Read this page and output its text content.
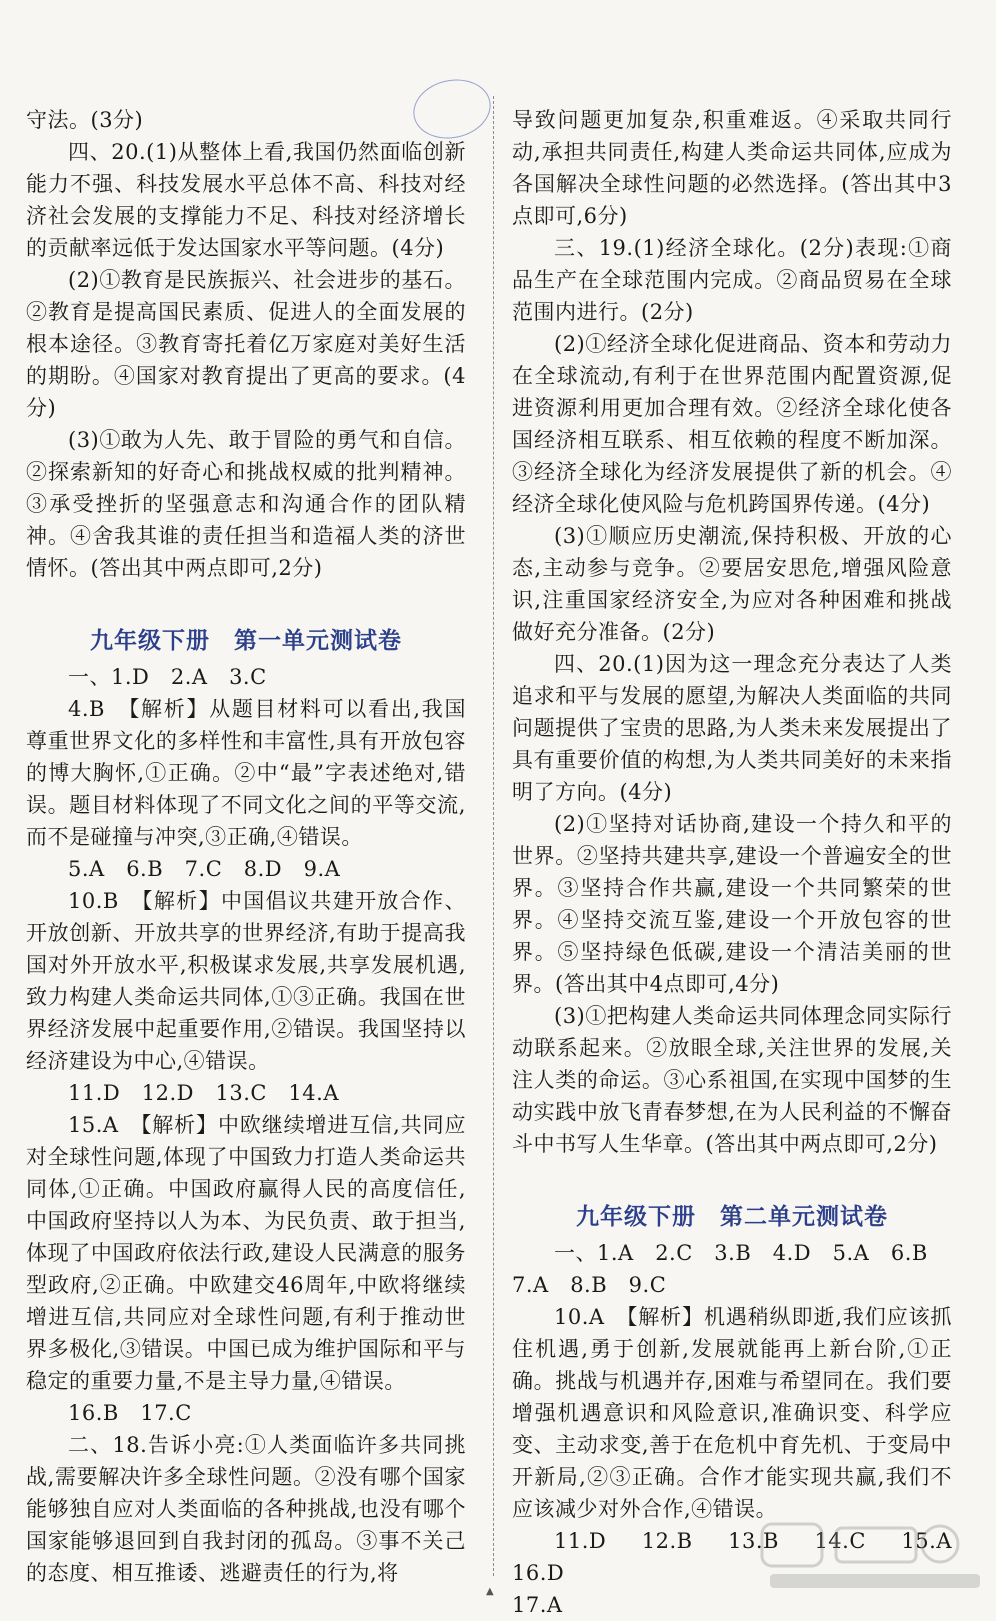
守法。(3分)

四、20.(1)从整体上看,我国仍然面临创新能力不强、科技发展水平总体不高、科技对经济社会发展的支撑能力不足、科技对经济增长的贡献率远低于发达国家水平等问题。(4分)

(2)①教育是民族振兴、社会进步的基石。②教育是提高国民素质、促进人的全面发展的根本途径。③教育寄托着亿万家庭对美好生活的期盼。④国家对教育提出了更高的要求。(4分)

(3)①敢为人先、敢于冒险的勇气和自信。②探索新知的好奇心和挑战权威的批判精神。③承受挫折的坚强意志和沟通合作的团队精神。④舍我其谁的责任担当和造福人类的济世情怀。(答出其中两点即可,2分)

九年级下册　第一单元测试卷

一、1.D　2.A　3.C

4.B　【解析】从题目材料可以看出,我国尊重世界文化的多样性和丰富性,具有开放包容的博大胸怀,①正确。②中“最”字表述绝对,错误。题目材料体现了不同文化之间的平等交流,而不是碰撞与冲突,③正确,④错误。

5.A　6.B　7.C　8.D　9.A

10.B　【解析】中国倡议共建开放合作、开放创新、开放共享的世界经济,有助于提高我国对外开放水平,积极谋求发展,共享发展机遇,致力构建人类命运共同体,①③正确。我国在世界经济发展中起重要作用,②错误。我国坚持以经济建设为中心,④错误。

11.D　12.D　13.C　14.A

15.A　【解析】中欧继续增进互信,共同应对全球性问题,体现了中国致力打造人类命运共同体,①正确。中国政府赢得人民的高度信任,中国政府坚持以人为本、为民负责、敢于担当,体现了中国政府依法行政,建设人民满意的服务型政府,②正确。中欧建交46周年,中欧将继续增进互信,共同应对全球性问题,有利于推动世界多极化,③错误。中国已成为维护国际和平与稳定的重要力量,不是主导力量,④错误。

16.B　17.C

二、18.告诉小亮:①人类面临许多共同挑战,需要解决许多全球性问题。②没有哪个国家能够独自应对人类面临的各种挑战,也没有哪个国家能够退回到自我封闭的孤岛。③事不关己的态度、相互推诿、逃避责任的行为,将

导致问题更加复杂,积重难返。④采取共同行动,承担共同责任,构建人类命运共同体,应成为各国解决全球性问题的必然选择。(答出其中3点即可,6分)

三、19.(1)经济全球化。(2分)表现:①商品生产在全球范围内完成。②商品贸易在全球范围内进行。(2分)

(2)①经济全球化促进商品、资本和劳动力在全球流动,有利于在世界范围内配置资源,促进资源利用更加合理有效。②经济全球化使各国经济相互联系、相互依赖的程度不断加深。③经济全球化为经济发展提供了新的机会。④经济全球化使风险与危机跨国界传递。(4分)

(3)①顺应历史潮流,保持积极、开放的心态,主动参与竞争。②要居安思危,增强风险意识,注重国家经济安全,为应对各种困难和挑战做好充分准备。(2分)

四、20.(1)因为这一理念充分表达了人类追求和平与发展的愿望,为解决人类面临的共同问题提供了宝贵的思路,为人类未来发展提出了具有重要价值的构想,为人类共同美好的未来指明了方向。(4分)

(2)①坚持对话协商,建设一个持久和平的世界。②坚持共建共享,建设一个普遍安全的世界。③坚持合作共赢,建设一个共同繁荣的世界。④坚持交流互鉴,建设一个开放包容的世界。⑤坚持绿色低碳,建设一个清洁美丽的世界。(答出其中4点即可,4分)

(3)①把构建人类命运共同体理念同实际行动联系起来。②放眼全球,关注世界的发展,关注人类的命运。③心系祖国,在实现中国梦的生动实践中放飞青春梦想,在为人民利益的不懈奋斗中书写人生华章。(答出其中两点即可,2分)

九年级下册　第二单元测试卷

一、1.A　2.C　3.B　4.D　5.A　6.B

7.A　8.B　9.C

10.A　【解析】机遇稍纵即逝,我们应该抓住机遇,勇于创新,发展就能再上新台阶,①正确。挑战与机遇并存,困难与希望同在。我们要增强机遇意识和风险意识,准确识变、科学应变、主动求变,善于在危机中育先机、于变局中开新局,②③正确。合作才能实现共赢,我们不应该减少对外合作,④错误。

11.D　12.B　13.B　14.C　15.A　16.D

17.A

▲
